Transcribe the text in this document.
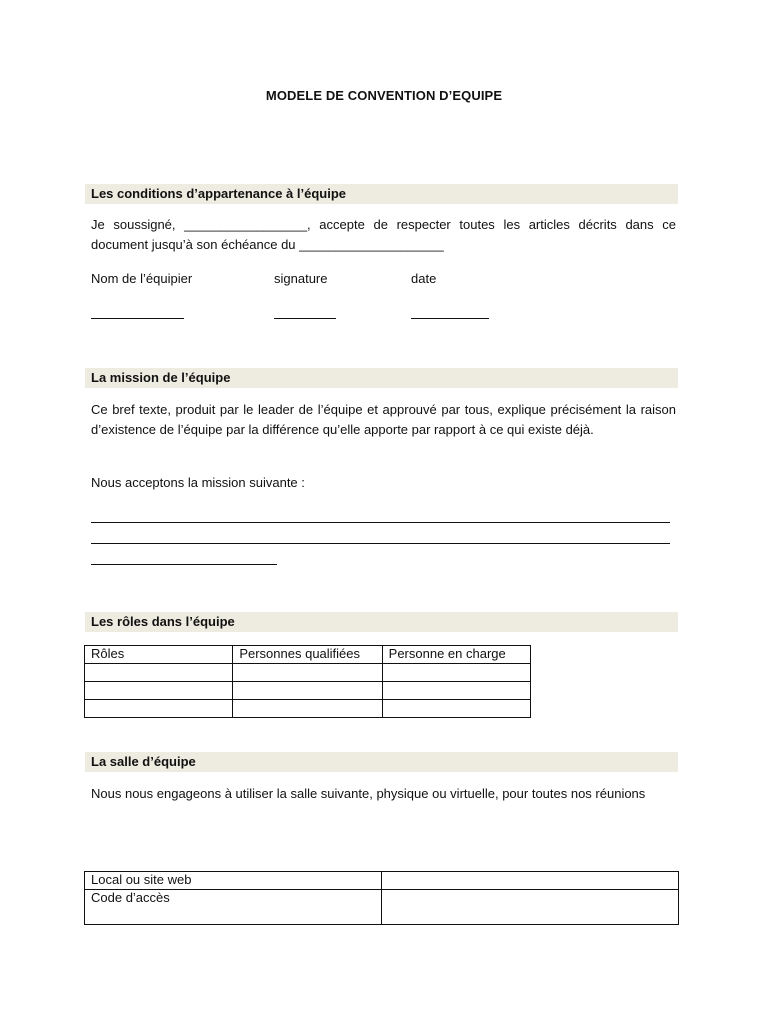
MODELE DE CONVENTION D’EQUIPE
Les conditions d’appartenance à l’équipe
Je soussigné, _________________, accepte de respecter toutes les articles décrits dans ce
document jusqu’à son échéance du ____________________
Nom de l’équipier	signature	date
La mission de l’équipe
Ce bref texte, produit par le leader de l’équipe et approuvé par tous, explique précisément la raison d’existence de l’équipe par la différence qu’elle apporte par rapport à ce qui existe déjà.
Nous acceptons la mission suivante :
Les rôles dans l’équipe
Rôles	Personnes qualifiées	Personne en charge

La salle d’équipe
Nous nous engageons à utiliser la salle suivante, physique ou virtuelle, pour toutes nos réunions
Local ou site web	
Code d’accès	
